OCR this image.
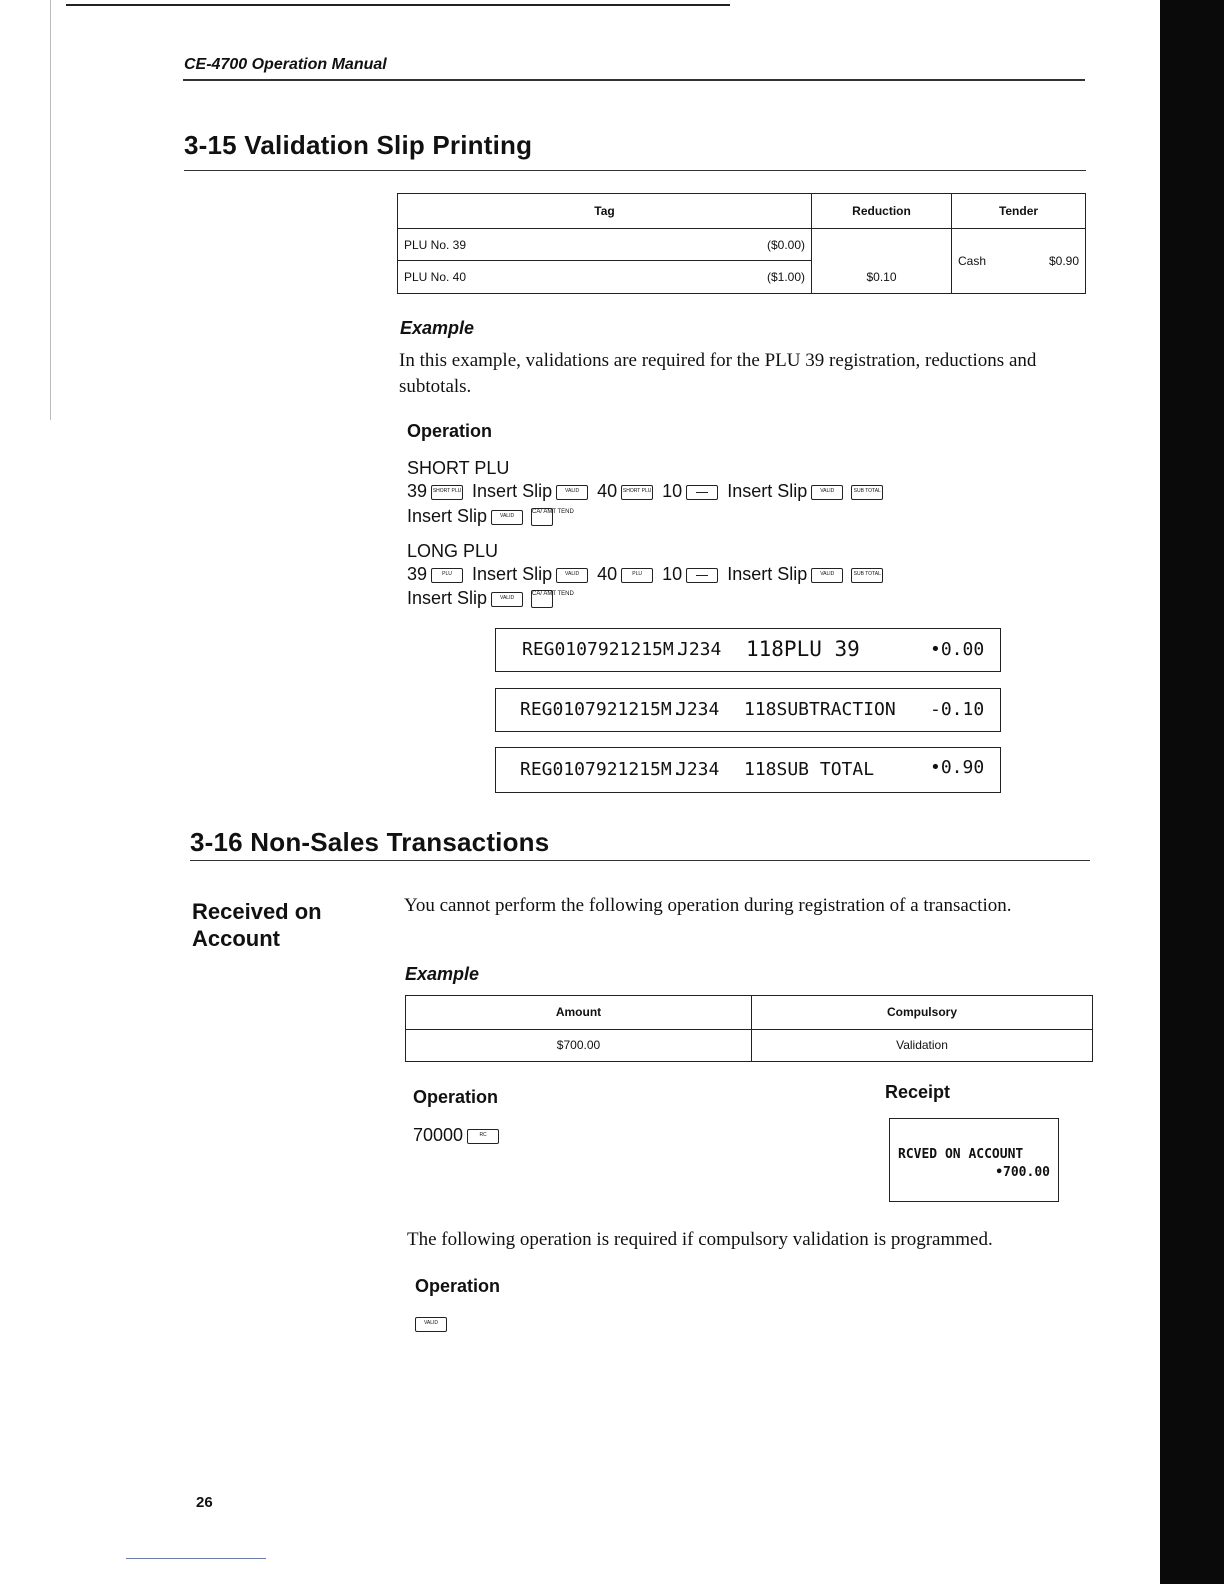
CE-4700 Operation Manual
3-15 Validation Slip Printing
Tag	Reduction	Tender
PLU No. 39 ($0.00)		Cash $0.90

PLU No. 40 ($1.00)	$0.10	
Example
In this example, validations are required for the PLU 39 registration, reductions and subtotals.
Operation
SHORT PLU
39 SHORT PLU Insert Slip	VALID 40 SHORT PLU 10	Insert Slip	VALID	SUB TOTAL
Insert Slip	VALID
CA/ AMT TEND
LONG PLU
39	PLU	Insert Slip	VALID 40	PLU	10	Insert Slip	VALID	SUB TOTAL
Insert Slip	VALID
CA/ AMT TEND
REG0107921215M.
J234 118PLU 39	•0.00
REG0107921215M.
J234 118SUBTRACTION -0.10
REG0107921215M.
J234 118SUB TOTAL	•0.90
3-16 Non-Sales Transactions
Received on
Account
You cannot perform the following operation during registration of a transaction.
Example
Amount	Compulsory
$700.00	Validation
Operation
70000	RC
Receipt
RCVED ON ACCOUNT
•700.00
The following operation is required if compulsory validation is programmed.
Operation
VALID
26
